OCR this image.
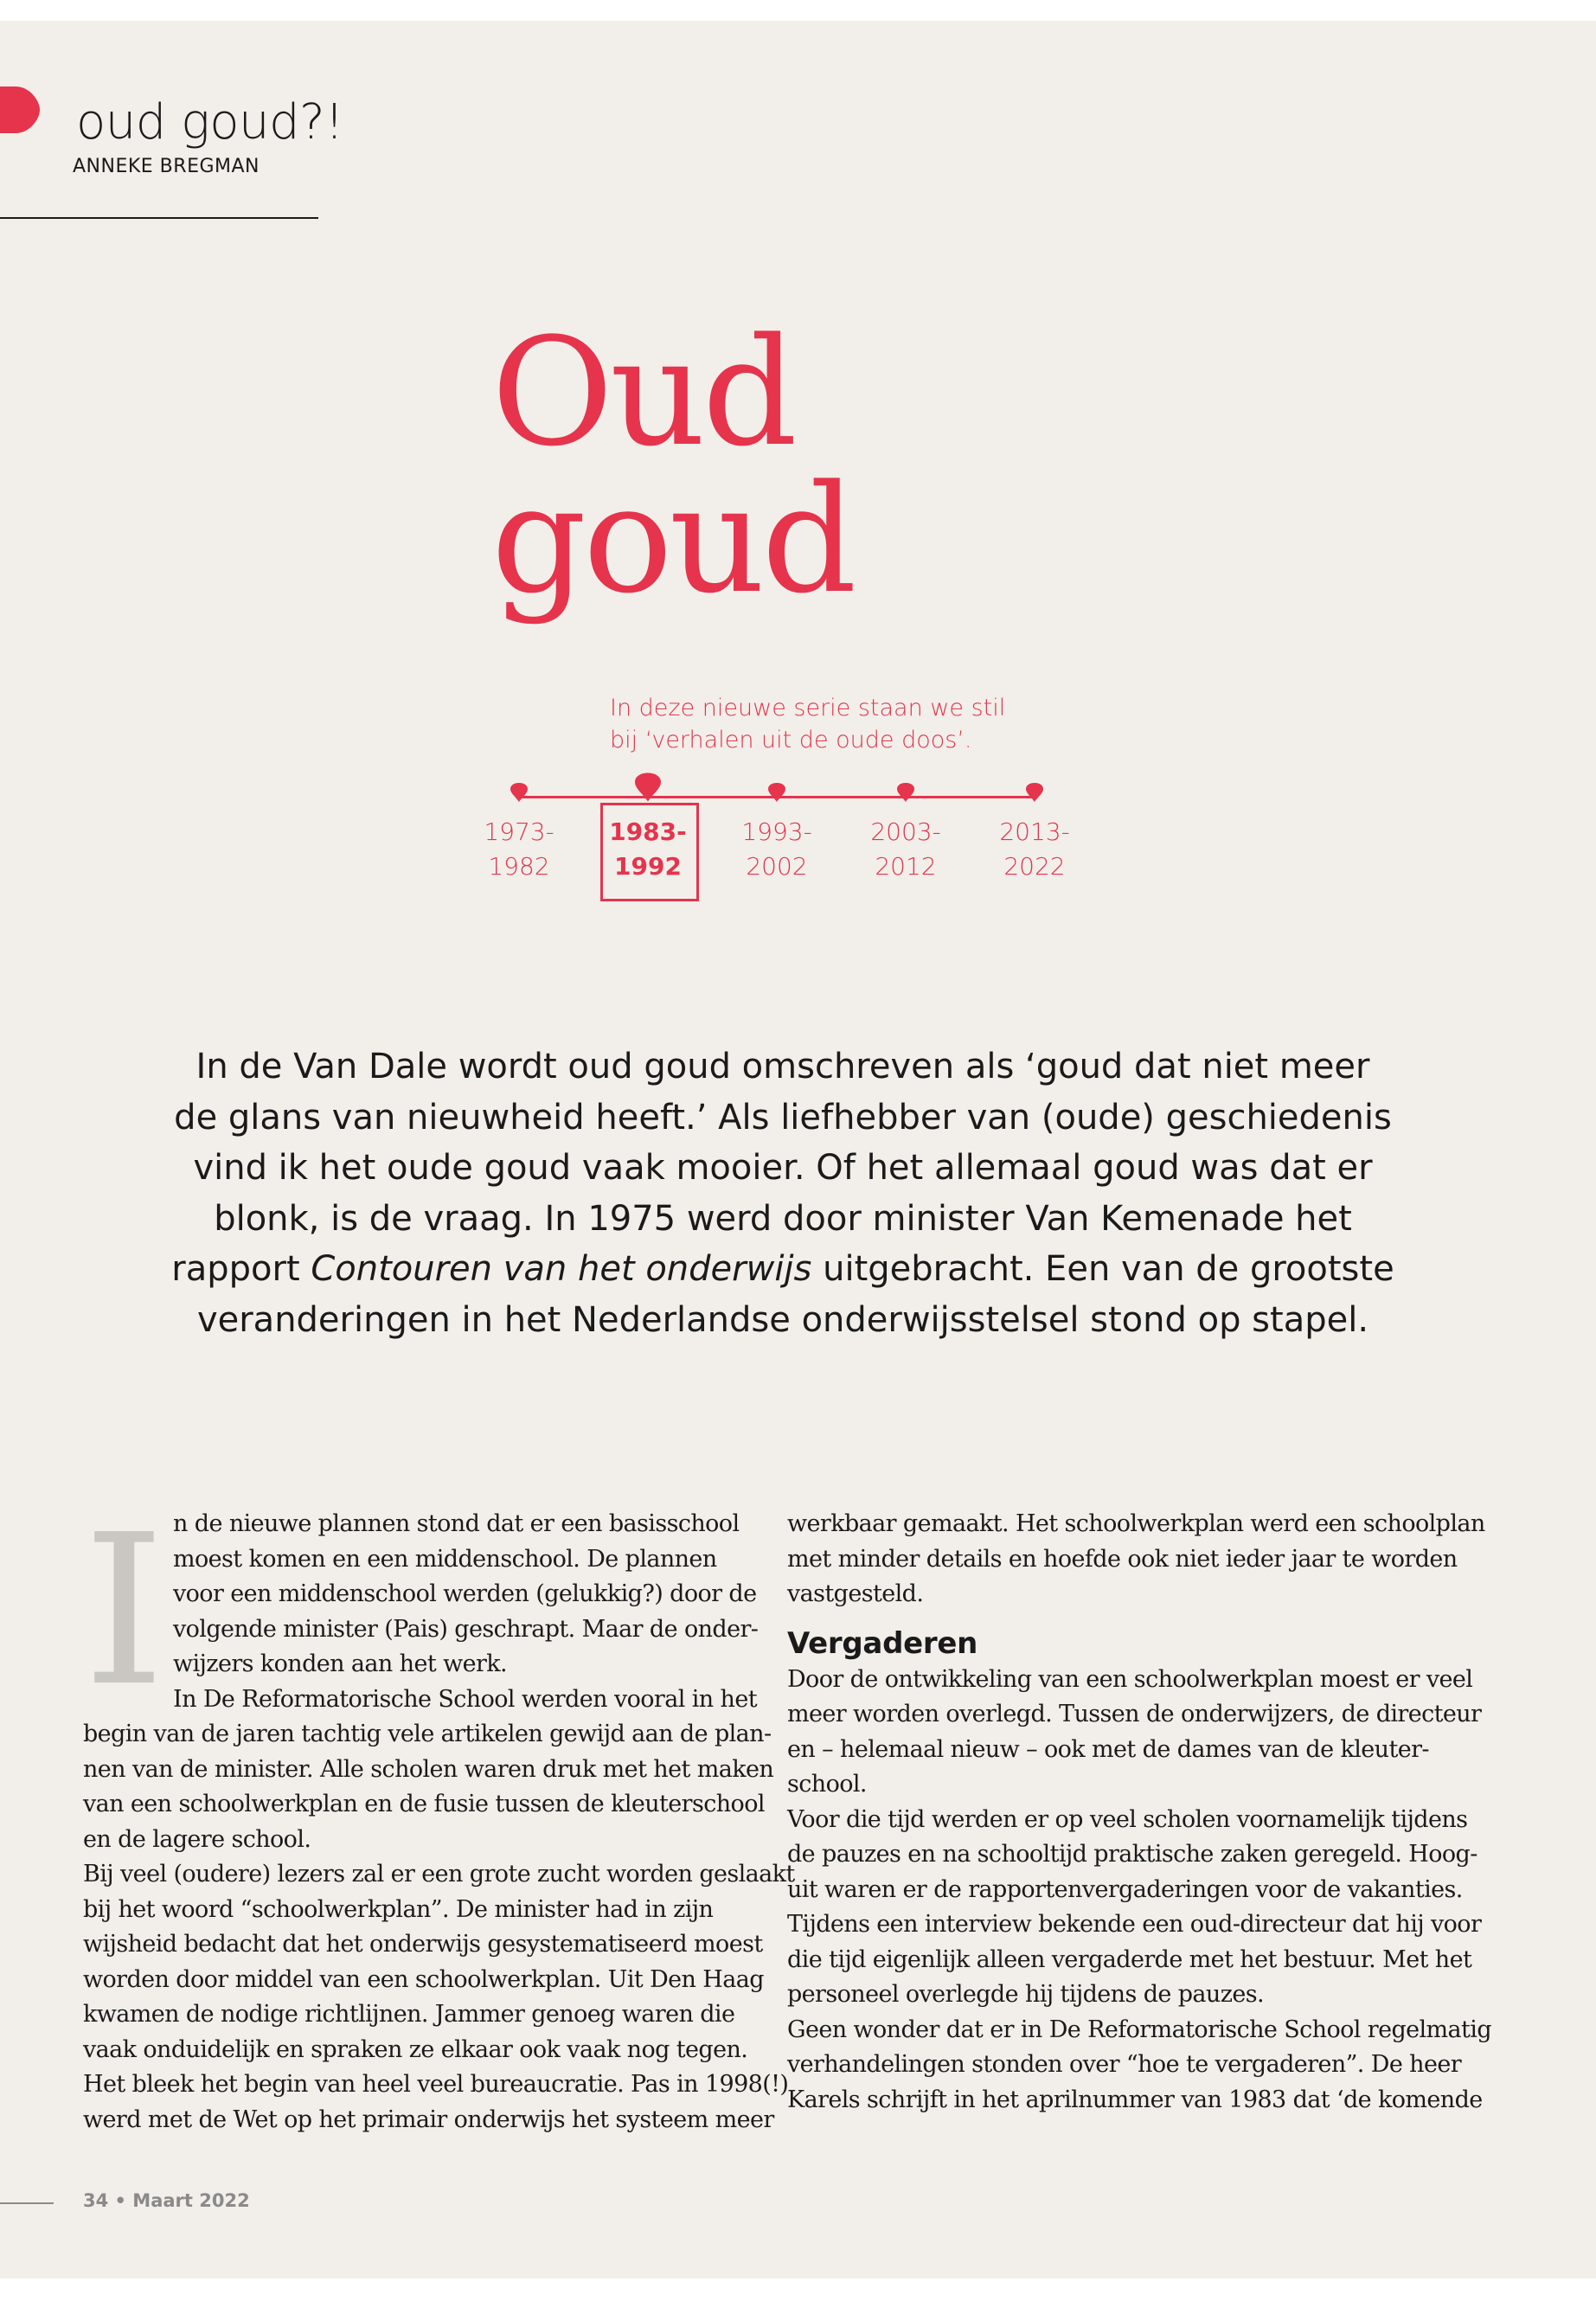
oud goud?!
ANNEKE BREGMAN
Oud
goud
In deze nieuwe serie staan we stil
bij ‘verhalen uit de oude doos’.
1973-
1982
1983-
1992
1993-
2002
2003-
2012
2013-
2022
In de Van Dale wordt oud goud omschreven als ‘goud dat niet meer
de glans van nieuwheid heeft.’ Als liefhebber van (oude) geschiedenis
vind ik het oude goud vaak mooier. Of het allemaal goud was dat er
blonk, is de vraag. In 1975 werd door minister Van Kemenade het
rapport Contouren van het onderwijs uitgebracht. Een van de grootste
veranderingen in het Nederlandse onderwijsstelsel stond op stapel.
I n de nieuwe plannen stond dat er een basisschool
moest komen en een middenschool. De plannen
voor een middenschool werden (gelukkig?) door de
volgende minister (Pais) geschrapt. Maar de onder-
wijzers konden aan het werk.
In De Reformatorische School werden vooral in het
begin van de jaren tachtig vele artikelen gewijd aan de plan-
nen van de minister. Alle scholen waren druk met het maken
van een schoolwerkplan en de fusie tussen de kleuterschool
en de lagere school.
Bij veel (oudere) lezers zal er een grote zucht worden geslaakt
bij het woord “schoolwerkplan”. De minister had in zijn
wijsheid bedacht dat het onderwijs gesystematiseerd moest
worden door middel van een schoolwerkplan. Uit Den Haag
kwamen de nodige richtlijnen. Jammer genoeg waren die
vaak onduidelijk en spraken ze elkaar ook vaak nog tegen.
Het bleek het begin van heel veel bureaucratie. Pas in 1998(!)
werd met de Wet op het primair onderwijs het systeem meer
werkbaar gemaakt. Het schoolwerkplan werd een schoolplan
met minder details en hoefde ook niet ieder jaar te worden
vastgesteld.
Vergaderen
Door de ontwikkeling van een schoolwerkplan moest er veel
meer worden overlegd. Tussen de onderwijzers, de directeur
en – helemaal nieuw – ook met de dames van de kleuter-
school.
Voor die tijd werden er op veel scholen voornamelijk tijdens
de pauzes en na schooltijd praktische zaken geregeld. Hoog-
uit waren er de rapportenvergaderingen voor de vakanties.
Tijdens een interview bekende een oud-directeur dat hij voor
die tijd eigenlijk alleen vergaderde met het bestuur. Met het
personeel overlegde hij tijdens de pauzes.
Geen wonder dat er in De Reformatorische School regelmatig
verhandelingen stonden over “hoe te vergaderen”. De heer
Karels schrijft in het aprilnummer van 1983 dat ‘de komende
34 • Maart 2022
